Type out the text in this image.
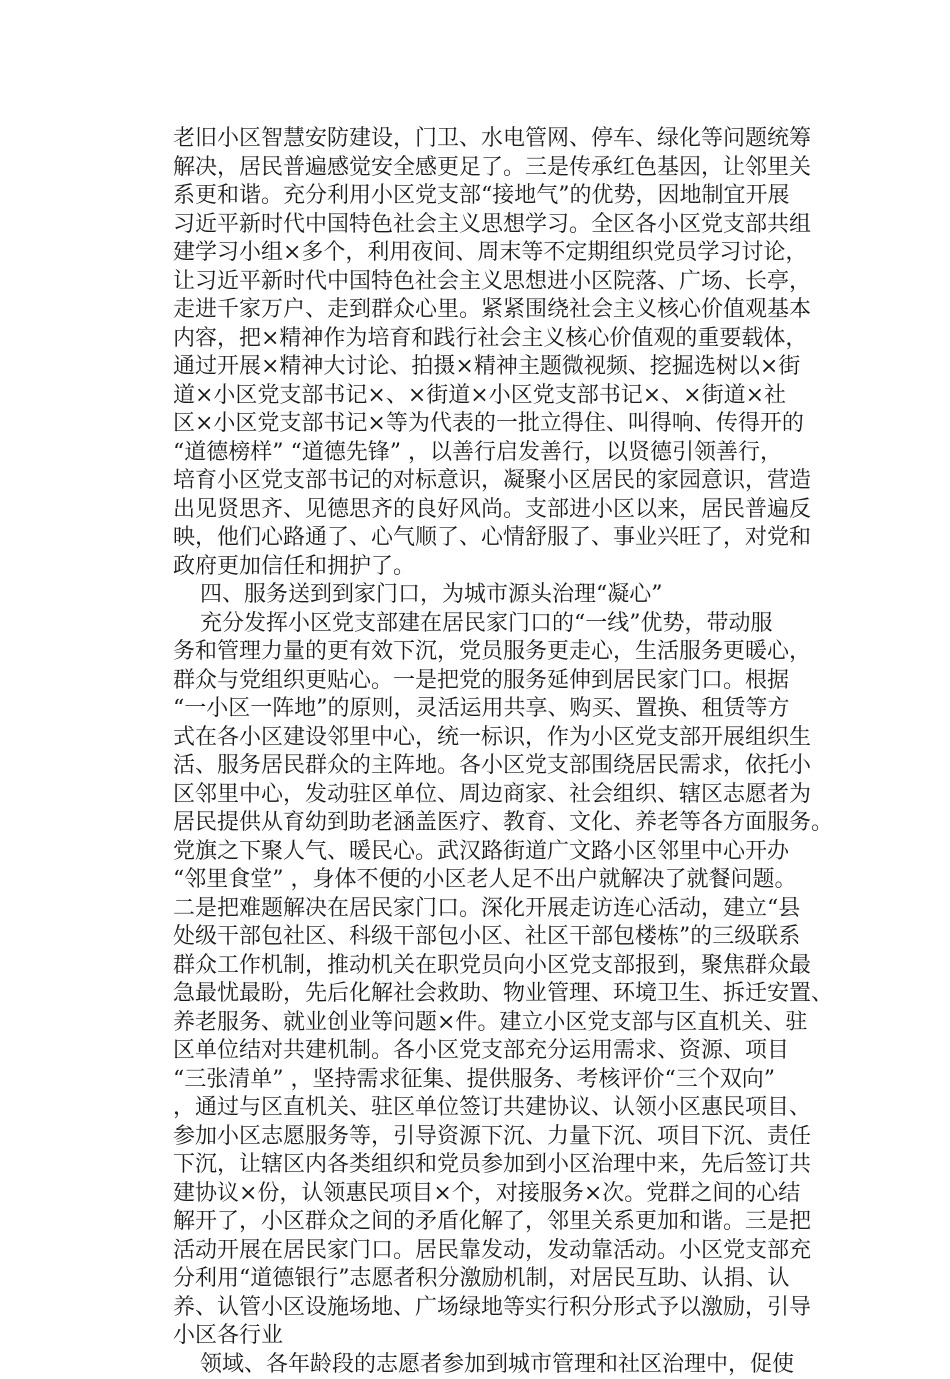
老旧小区智慧安防建设，门卫、水电管网、停车、绿化等问题统筹
解决，居民普遍感觉安全感更足了。三是传承红色基因，让邻里关
系更和谐。充分利用小区党支部“接地气”的优势，因地制宜开展
习近平新时代中国特色社会主义思想学习。全区各小区党支部共组
建学习小组×多个，利用夜间、周末等不定期组织党员学习讨论，
让习近平新时代中国特色社会主义思想进小区院落、广场、长亭，
走进千家万户、走到群众心里。紧紧围绕社会主义核心价值观基本
内容，把×精神作为培育和践行社会主义核心价值观的重要载体，
通过开展×精神大讨论、拍摄×精神主题微视频、挖掘选树以×街
道×小区党支部书记×、×街道×小区党支部书记×、×街道×社
区×小区党支部书记×等为代表的一批立得住、叫得响、传得开的
“道德榜样” “道德先锋” ，以善行启发善行，以贤德引领善行，
培育小区党支部书记的对标意识，凝聚小区居民的家园意识，营造
出见贤思齐、见德思齐的良好风尚。支部进小区以来，居民普遍反
映，他们心路通了、心气顺了、心情舒服了、事业兴旺了，对党和
政府更加信任和拥护了。
四、服务送到到家门口，为城市源头治理“凝心”
充分发挥小区党支部建在居民家门口的“一线”优势，带动服
务和管理力量的更有效下沉，党员服务更走心，生活服务更暖心，
群众与党组织更贴心。一是把党的服务延伸到居民家门口。根据
“一小区一阵地”的原则，灵活运用共享、购买、置换、租赁等方
式在各小区建设邻里中心，统一标识，作为小区党支部开展组织生
活、服务居民群众的主阵地。各小区党支部围绕居民需求，依托小
区邻里中心，发动驻区单位、周边商家、社会组织、辖区志愿者为
居民提供从育幼到助老涵盖医疗、教育、文化、养老等各方面服务。
党旗之下聚人气、暖民心。武汉路街道广文路小区邻里中心开办
“邻里食堂” ，身体不便的小区老人足不出户就解决了就餐问题。
二是把难题解决在居民家门口。深化开展走访连心活动，建立“县
处级干部包社区、科级干部包小区、社区干部包楼栋”的三级联系
群众工作机制，推动机关在职党员向小区党支部报到，聚焦群众最
急最忧最盼，先后化解社会救助、物业管理、环境卫生、拆迁安置、
养老服务、就业创业等问题×件。建立小区党支部与区直机关、驻
区单位结对共建机制。各小区党支部充分运用需求、资源、项目
“三张清单” ，坚持需求征集、提供服务、考核评价“三个双向”
，通过与区直机关、驻区单位签订共建协议、认领小区惠民项目、
参加小区志愿服务等，引导资源下沉、力量下沉、项目下沉、责任
下沉，让辖区内各类组织和党员参加到小区治理中来，先后签订共
建协议×份，认领惠民项目×个，对接服务×次。党群之间的心结
解开了，小区群众之间的矛盾化解了，邻里关系更加和谐。三是把
活动开展在居民家门口。居民靠发动，发动靠活动。小区党支部充
分利用“道德银行”志愿者积分激励机制，对居民互助、认捐、认
养、认管小区设施场地、广场绿地等实行积分形式予以激励，引导
小区各行业
领域、各年龄段的志愿者参加到城市管理和社区治理中，促使
